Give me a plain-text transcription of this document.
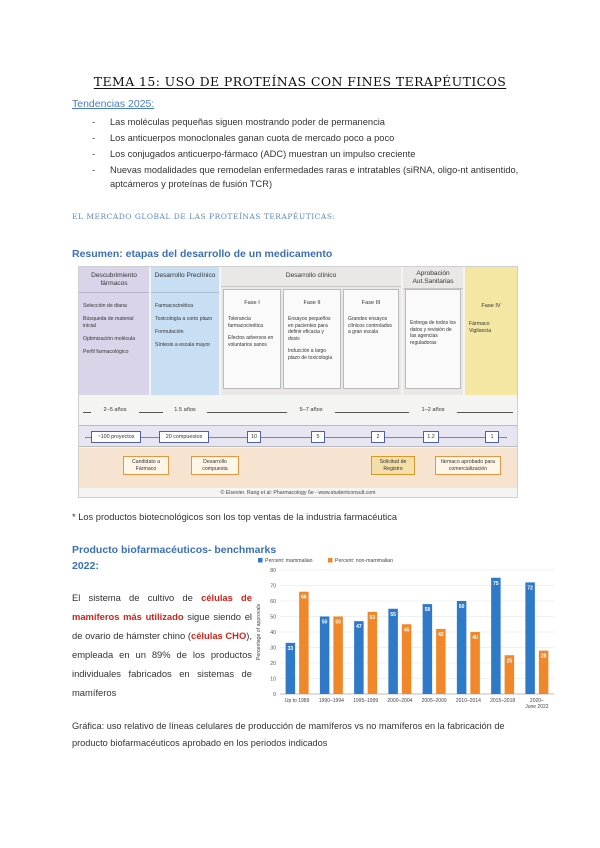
TEMA 15: USO DE PROTEÍNAS CON FINES TERAPÉUTICOS
Tendencias 2025:
- Las moléculas pequeñas siguen mostrando poder de permanencia
- Los anticuerpos monoclonales ganan cuota de mercado poco a poco
- Los conjugados anticuerpo-fármaco (ADC) muestran un impulso creciente
- Nuevas modalidades que remodelan enfermedades raras e intratables (siRNA, oligo-nt antisentido, aptcámeros y proteínas de fusión TCR)
EL MERCADO GLOBAL DE LAS PROTEÍNAS TERAPÉUTICAS:
Resumen: etapas del desarrollo de un medicamento
Descubrimiento fármacos

Selección de diana

Búsqueda de material inicial

Optimización molécula

Perfil farmacológico

Desarrollo Preclínico

Farmacocinética

Toxicología a corto plazo

Formulación

Síntesis a escala mayor

Desarrollo clínico
Fase I

Tolerancia farmacocinética

Efectos adversos en voluntarios sanos

Fase II

Ensayos pequeños en pacientes para definir eficacia y dosis

Inducción a largo plazo de toxicología

Fase III

Grandes ensayos clínicos controlados a gran escala

Aprobación Aut.Sanitarias

Entrega de todos los datos y revisión de las agencias reguladoras

Fase IV

Fármaco Vigilancia

2–5 años	1.5 años	5–7 años	1–2 años
~100 proyectos	20 compuestos	10	5	2	1.2	1
Candidato a Fármaco
Desarrollo compuesta
Solicitud de Registro
fármaco aprobado para comercialización
© Elsevier. Rang et al: Pharmacology 6e - www.studentconsult.com
* Los productos biotecnológicos son los top ventas de la industria farmacéutica
Producto biofarmacéuticos- benchmarks
2022:
El sistema de cultivo de células de mamíferos más utilizado sigue siendo el de ovario de hámster chino (células CHO), empleada en un 89% de los productos individuales fabricados en sistemas de mamíferos	0
10
20
30
40
50
60
70
80
Percentage of approvals	33
66
Up to 1989
50 50
1990–1994
47
53
1995–1999
55
45
2000–2004
58
42
2005–2009
60
40
2010–2014
75
25
2015–2018
72
28
2020–
June 2022
Percent: mammalian	Percent: non-mammalian
Gráfica: uso relativo de líneas celulares de producción de mamíferos vs no mamíferos en la fabricación de producto biofarmacéuticos aprobado en los periodos indicados
